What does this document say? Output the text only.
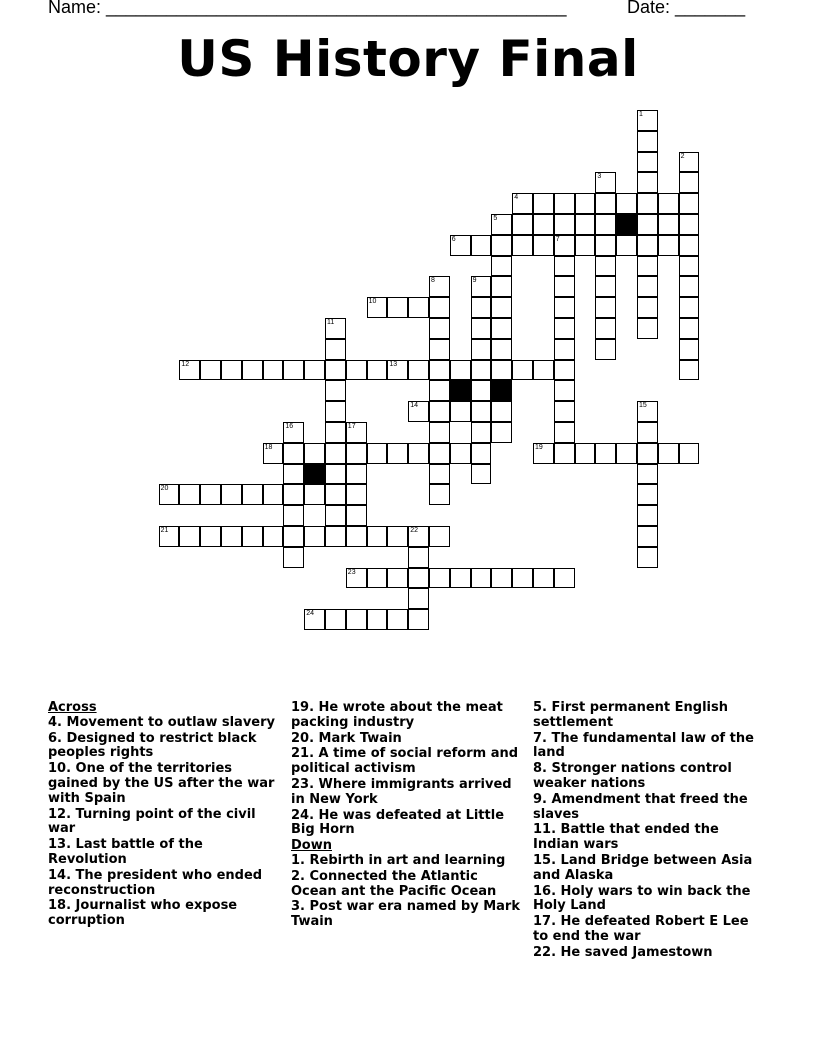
Name: ______________________________________________	Date: _______
US History Final
1
2
3
4
5
6	7
8	9
10
11
12	13
14	15
16	17
18	19
20
21	22
23
24
Across
4. Movement to outlaw slavery
6. Designed to restrict black peoples rights
10. One of the territories gained by the US after the war with Spain
12. Turning point of the civil war
13. Last battle of the Revolution
14. The president who ended reconstruction
18. Journalist who expose corruption
19. He wrote about the meat packing industry
20. Mark Twain
21. A time of social reform and political activism
23. Where immigrants arrived in New York
24. He was defeated at Little Big Horn
Down
1. Rebirth in art and learning
2. Connected the Atlantic Ocean ant the Pacific Ocean
3. Post war era named by Mark Twain
5. First permanent English settlement
7. The fundamental law of the land
8. Stronger nations control weaker nations
9. Amendment that freed the slaves
11. Battle that ended the Indian wars
15. Land Bridge between Asia and Alaska
16. Holy wars to win back the Holy Land
17. He defeated Robert E Lee to end the war
22. He saved Jamestown
